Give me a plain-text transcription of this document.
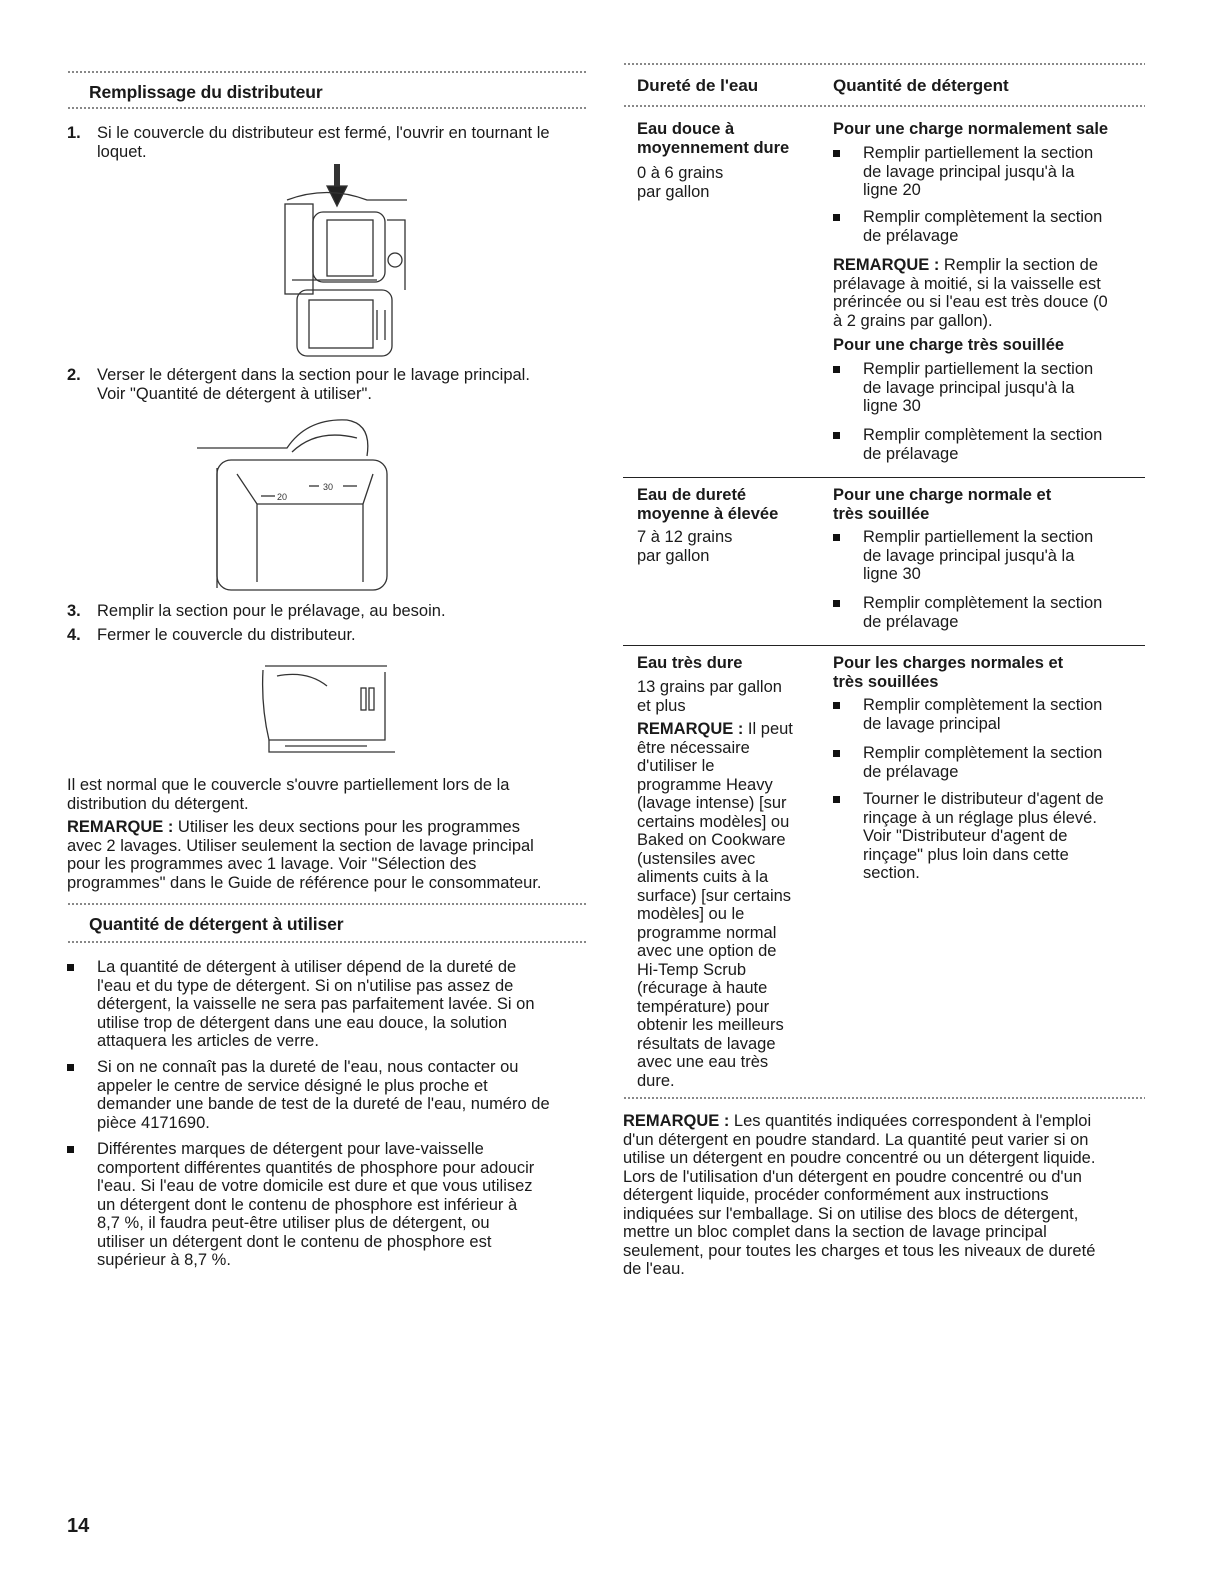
Remplissage du distributeur
1. Si le couvercle du distributeur est fermé, l'ouvrir en tournant le
loquet.
2. Verser le détergent dans la section pour le lavage principal.
Voir "Quantité de détergent à utiliser".
20
30
3. Remplir la section pour le prélavage, au besoin.
4. Fermer le couvercle du distributeur.
Il est normal que le couvercle s'ouvre partiellement lors de la
distribution du détergent.
REMARQUE : Utiliser les deux sections pour les programmes
avec 2 lavages. Utiliser seulement la section de lavage principal
pour les programmes avec 1 lavage. Voir "Sélection des
programmes" dans le Guide de référence pour le consommateur.
Quantité de détergent à utiliser
La quantité de détergent à utiliser dépend de la dureté de
l'eau et du type de détergent. Si on n'utilise pas assez de
détergent, la vaisselle ne sera pas parfaitement lavée. Si on
utilise trop de détergent dans une eau douce, la solution
attaquera les articles de verre.
Si on ne connaît pas la dureté de l'eau, nous contacter ou
appeler le centre de service désigné le plus proche et
demander une bande de test de la dureté de l'eau, numéro de
pièce 4171690.
Différentes marques de détergent pour lave-vaisselle
comportent différentes quantités de phosphore pour adoucir
l'eau. Si l'eau de votre domicile est dure et que vous utilisez
un détergent dont le contenu de phosphore est inférieur à
8,7 %, il faudra peut-être utiliser plus de détergent, ou
utiliser un détergent dont le contenu de phosphore est
supérieur à 8,7 %.
Dureté de l'eau	Quantité de détergent
Eau douce à
moyennement dure
0 à 6 grains
par gallon
Pour une charge normalement sale
Remplir partiellement la section
de lavage principal jusqu'à la
ligne 20
Remplir complètement la section
de prélavage
REMARQUE : Remplir la section de
prélavage à moitié, si la vaisselle est
prérincée ou si l'eau est très douce (0
à 2 grains par gallon).
Pour une charge très souillée
Remplir partiellement la section
de lavage principal jusqu'à la
ligne 30
Remplir complètement la section
de prélavage
Eau de dureté
moyenne à élevée
7 à 12 grains
par gallon
Pour une charge normale et
très souillée
Remplir partiellement la section
de lavage principal jusqu'à la
ligne 30
Remplir complètement la section
de prélavage
Eau très dure
13 grains par gallon
et plus
REMARQUE : Il peut
être nécessaire
d'utiliser le
programme Heavy
(lavage intense) [sur
certains modèles] ou
Baked on Cookware
(ustensiles avec
aliments cuits à la
surface) [sur certains
modèles] ou le
programme normal
avec une option de
Hi-Temp Scrub
(récurage à haute
température) pour
obtenir les meilleurs
résultats de lavage
avec une eau très
dure.
Pour les charges normales et
très souillées
Remplir complètement la section
de lavage principal
Remplir complètement la section
de prélavage
Tourner le distributeur d'agent de
rinçage à un réglage plus élevé.
Voir "Distributeur d'agent de
rinçage" plus loin dans cette
section.
REMARQUE : Les quantités indiquées correspondent à l'emploi
d'un détergent en poudre standard. La quantité peut varier si on
utilise un détergent en poudre concentré ou un détergent liquide.
Lors de l'utilisation d'un détergent en poudre concentré ou d'un
détergent liquide, procéder conformément aux instructions
indiquées sur l'emballage. Si on utilise des blocs de détergent,
mettre un bloc complet dans la section de lavage principal
seulement, pour toutes les charges et tous les niveaux de dureté
de l'eau.
14
